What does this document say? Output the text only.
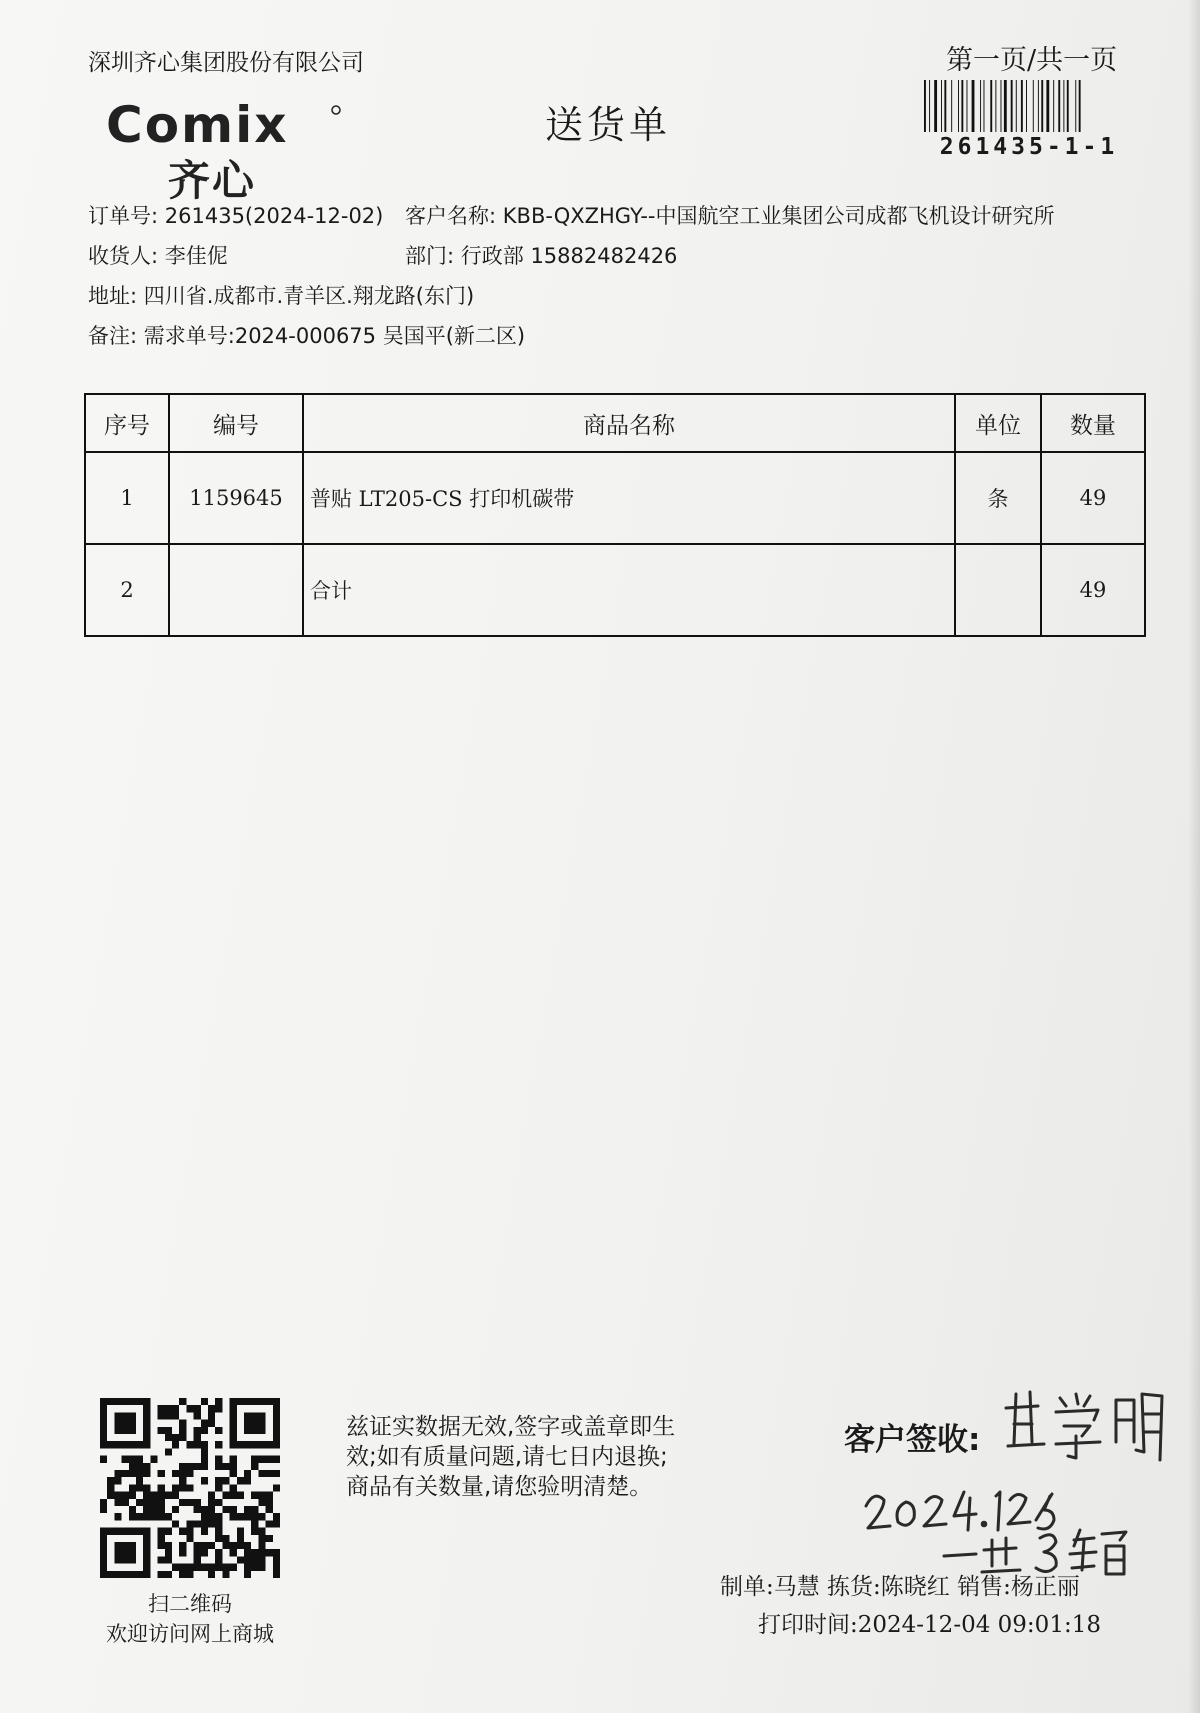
深圳齐心集团股份有限公司	第一页/共一页
261435-1-1
Comix
齐心
送货单
订单号: 261435(2024-12-02) 客户名称: KBB-QXZHGY--中国航空工业集团公司成都飞机设计研究所
收货人: 李佳伲	部门: 行政部 15882482426
地址: 四川省.成都市.青羊区.翔龙路(东门)
备注: 需求单号:2024-000675 吴国平(新二区)
序号	编号	商品名称	单位	数量
1	1159645	普贴 LT205-CS 打印机碳带	条	49
2		合计		49
扫二维码
欢迎访问网上商城
兹证实数据无效,签字或盖章即生
效;如有质量问题,请七日内退换;
商品有关数量,请您验明清楚。
客户签收:
制单:马慧 拣货:陈晓红 销售:杨正丽
打印时间:2024-12-04 09:01:18
